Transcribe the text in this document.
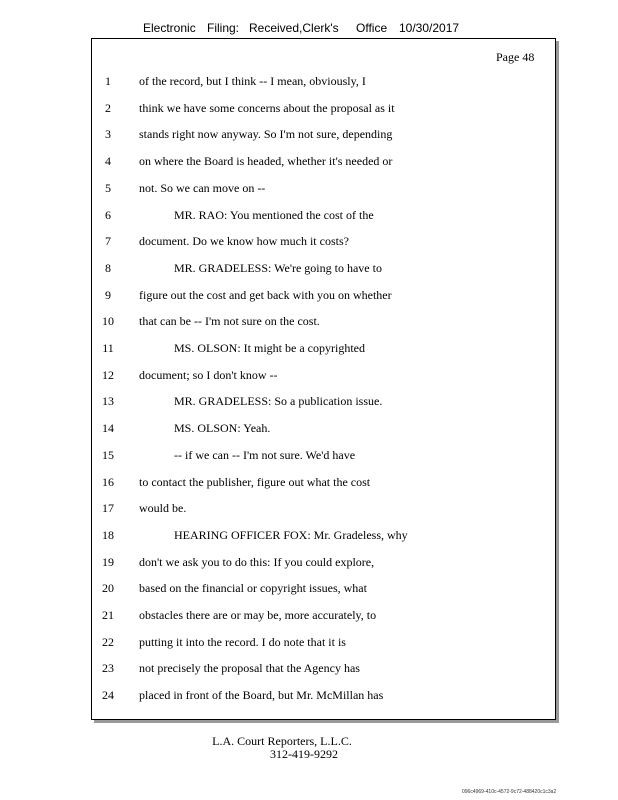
Electronic Filing: Received,Clerk's Office 10/30/2017
Page 48
1	of the record, but I think -- I mean, obviously, I
2	think we have some concerns about the proposal as it
3	stands right now anyway. So I'm not sure, depending
4	on where the Board is headed, whether it's needed or
5	not. So we can move on --
6	MR. RAO: You mentioned the cost of the
7	document. Do we know how much it costs?
8	MR. GRADELESS: We're going to have to
9	figure out the cost and get back with you on whether
10	that can be -- I'm not sure on the cost.
11	MS. OLSON: It might be a copyrighted
12	document; so I don't know --
13	MR. GRADELESS: So a publication issue.
14	MS. OLSON: Yeah.
15	-- if we can -- I'm not sure. We'd have
16	to contact the publisher, figure out what the cost
17	would be.
18	HEARING OFFICER FOX: Mr. Gradeless, why
19	don't we ask you to do this: If you could explore,
20	based on the financial or copyright issues, what
21	obstacles there are or may be, more accurately, to
22	putting it into the record. I do note that it is
23	not precisely the proposal that the Agency has
24	placed in front of the Board, but Mr. McMillan has
L.A. Court Reporters, L.L.C.
312-419-9292
096c4969-410c-4572-9c72-488420c1c3a2
